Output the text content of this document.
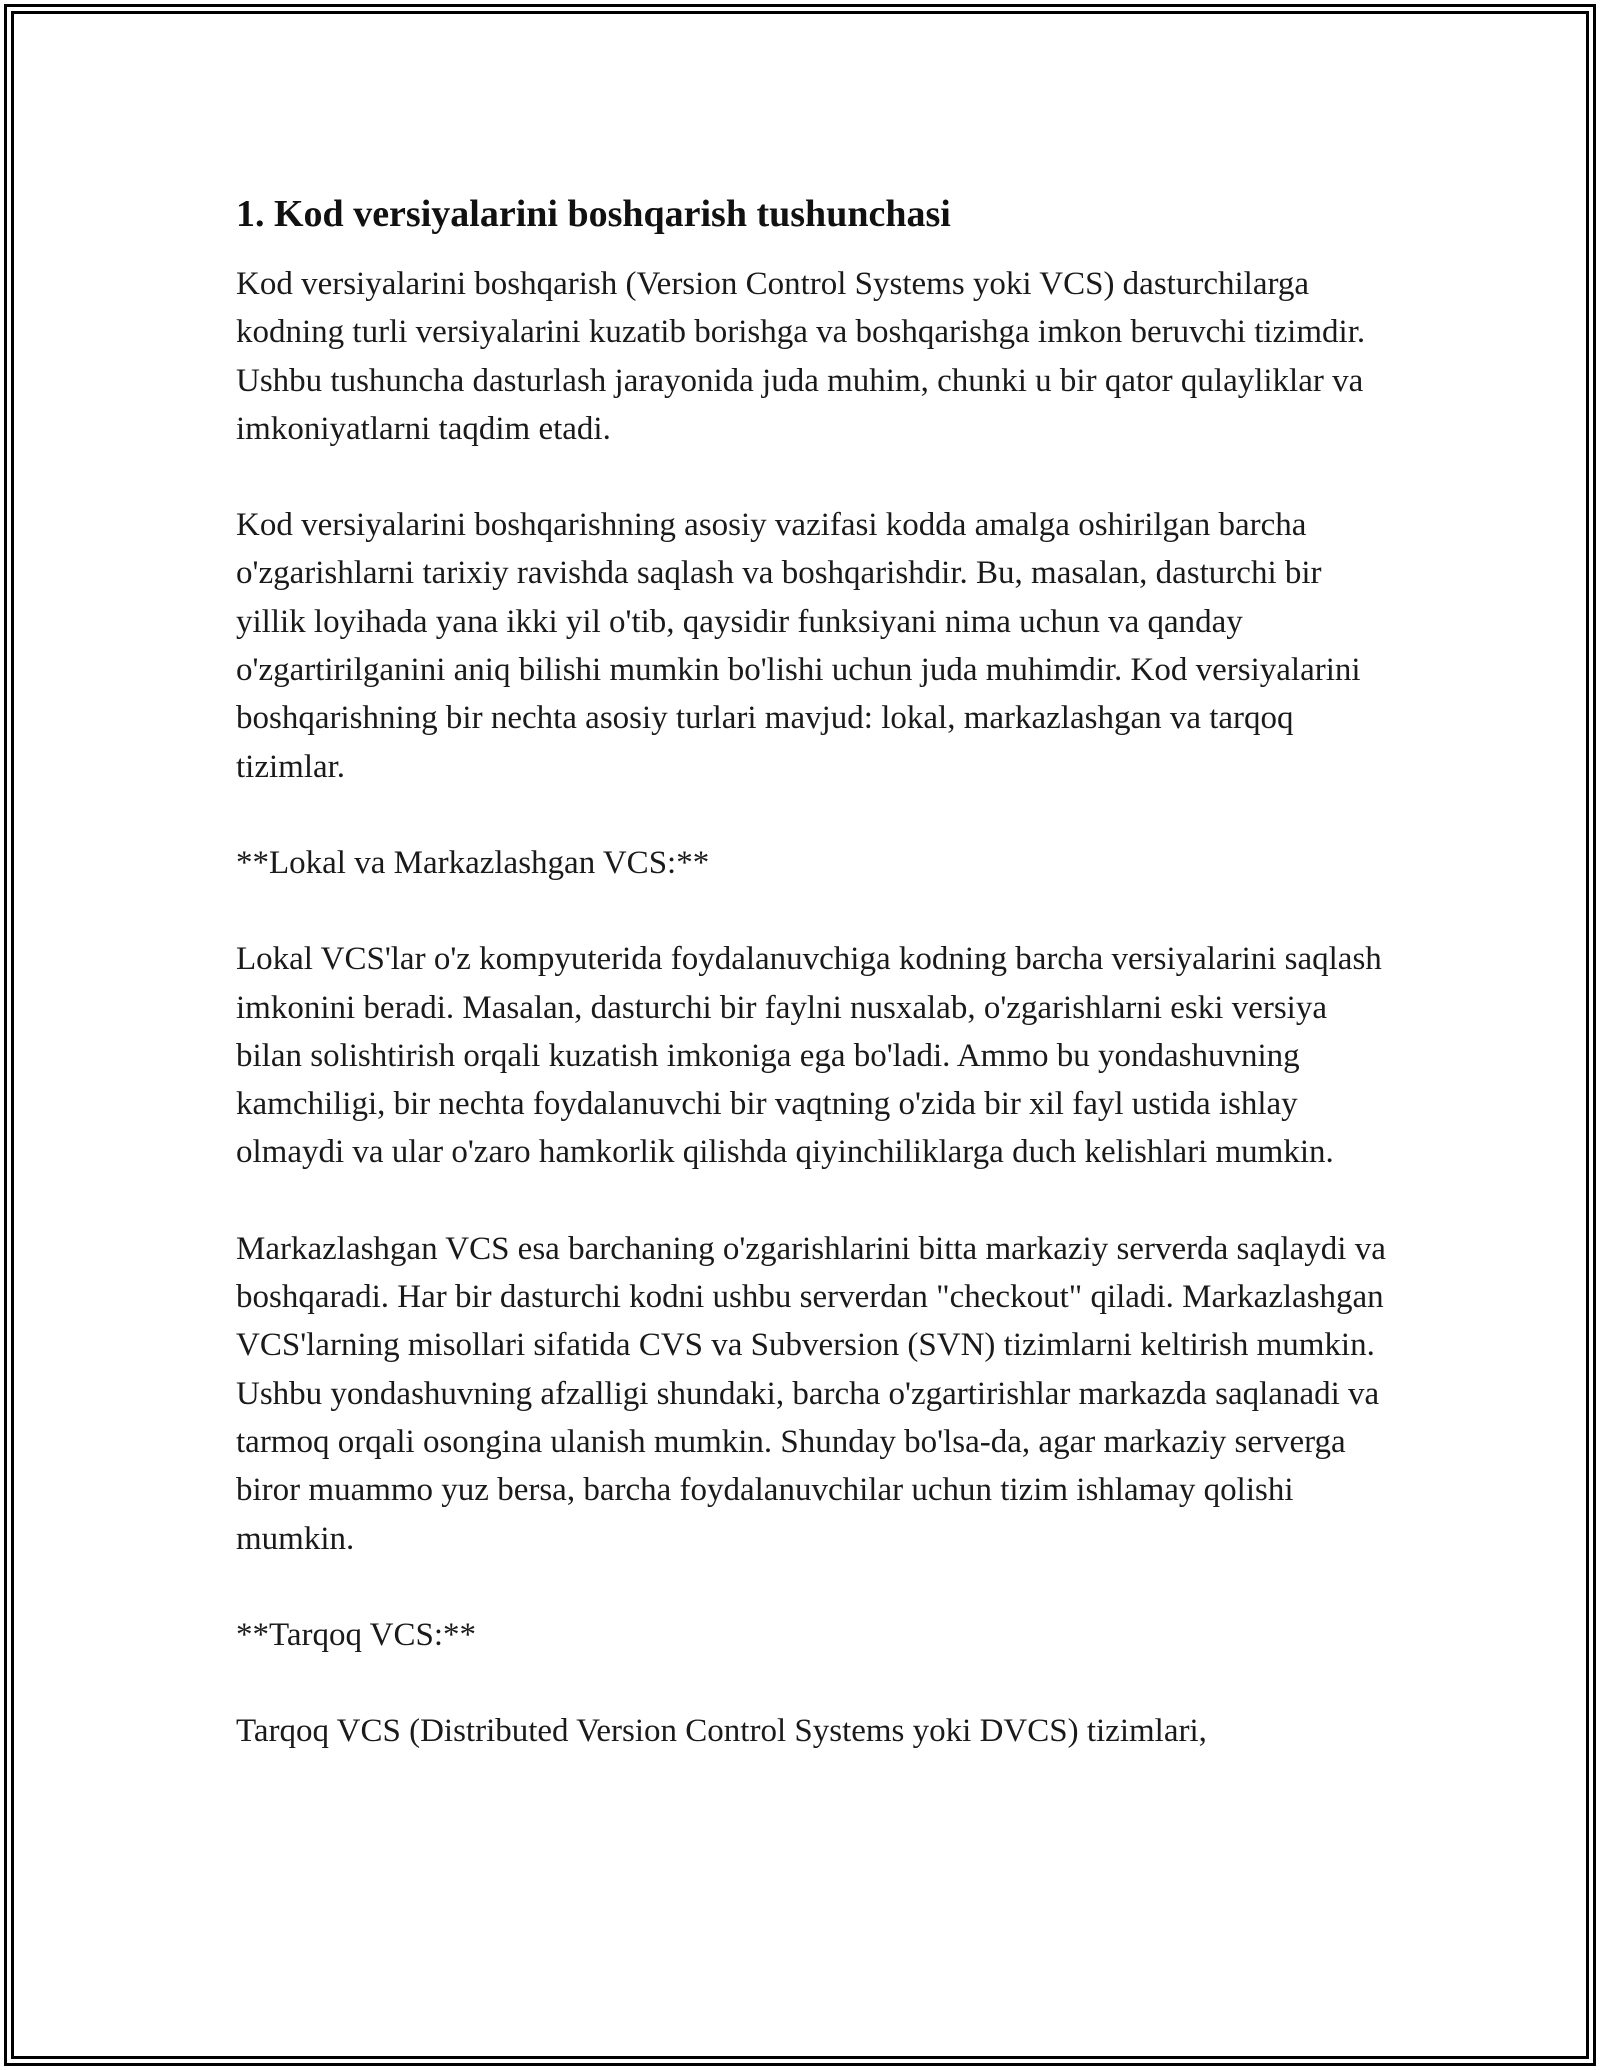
1. Kod versiyalarini boshqarish tushunchasi

Kod versiyalarini boshqarish (Version Control Systems yoki VCS) dasturchilarga kodning turli versiyalarini kuzatib borishga va boshqarishga imkon beruvchi tizimdir. Ushbu tushuncha dasturlash jarayonida juda muhim, chunki u bir qator qulayliklar va imkoniyatlarni taqdim etadi.

Kod versiyalarini boshqarishning asosiy vazifasi kodda amalga oshirilgan barcha o'zgarishlarni tarixiy ravishda saqlash va boshqarishdir. Bu, masalan, dasturchi bir yillik loyihada yana ikki yil o'tib, qaysidir funksiyani nima uchun va qanday o'zgartirilganini aniq bilishi mumkin bo'lishi uchun juda muhimdir. Kod versiyalarini boshqarishning bir nechta asosiy turlari mavjud: lokal, markazlashgan va tarqoq tizimlar.

**Lokal va Markazlashgan VCS:**

Lokal VCS'lar o'z kompyuterida foydalanuvchiga kodning barcha versiyalarini saqlash imkonini beradi. Masalan, dasturchi bir faylni nusxalab, o'zgarishlarni eski versiya bilan solishtirish orqali kuzatish imkoniga ega bo'ladi. Ammo bu yondashuvning kamchiligi, bir nechta foydalanuvchi bir vaqtning o'zida bir xil fayl ustida ishlay olmaydi va ular o'zaro hamkorlik qilishda qiyinchiliklarga duch kelishlari mumkin.

Markazlashgan VCS esa barchaning o'zgarishlarini bitta markaziy serverda saqlaydi va boshqaradi. Har bir dasturchi kodni ushbu serverdan "checkout" qiladi. Markazlashgan VCS'larning misollari sifatida CVS va Subversion (SVN) tizimlarni keltirish mumkin. Ushbu yondashuvning afzalligi shundaki, barcha o'zgartirishlar markazda saqlanadi va tarmoq orqali osongina ulanish mumkin. Shunday bo'lsa-da, agar markaziy serverga biror muammo yuz bersa, barcha foydalanuvchilar uchun tizim ishlamay qolishi mumkin.

**Tarqoq VCS:**

Tarqoq VCS (Distributed Version Control Systems yoki DVCS) tizimlari,
